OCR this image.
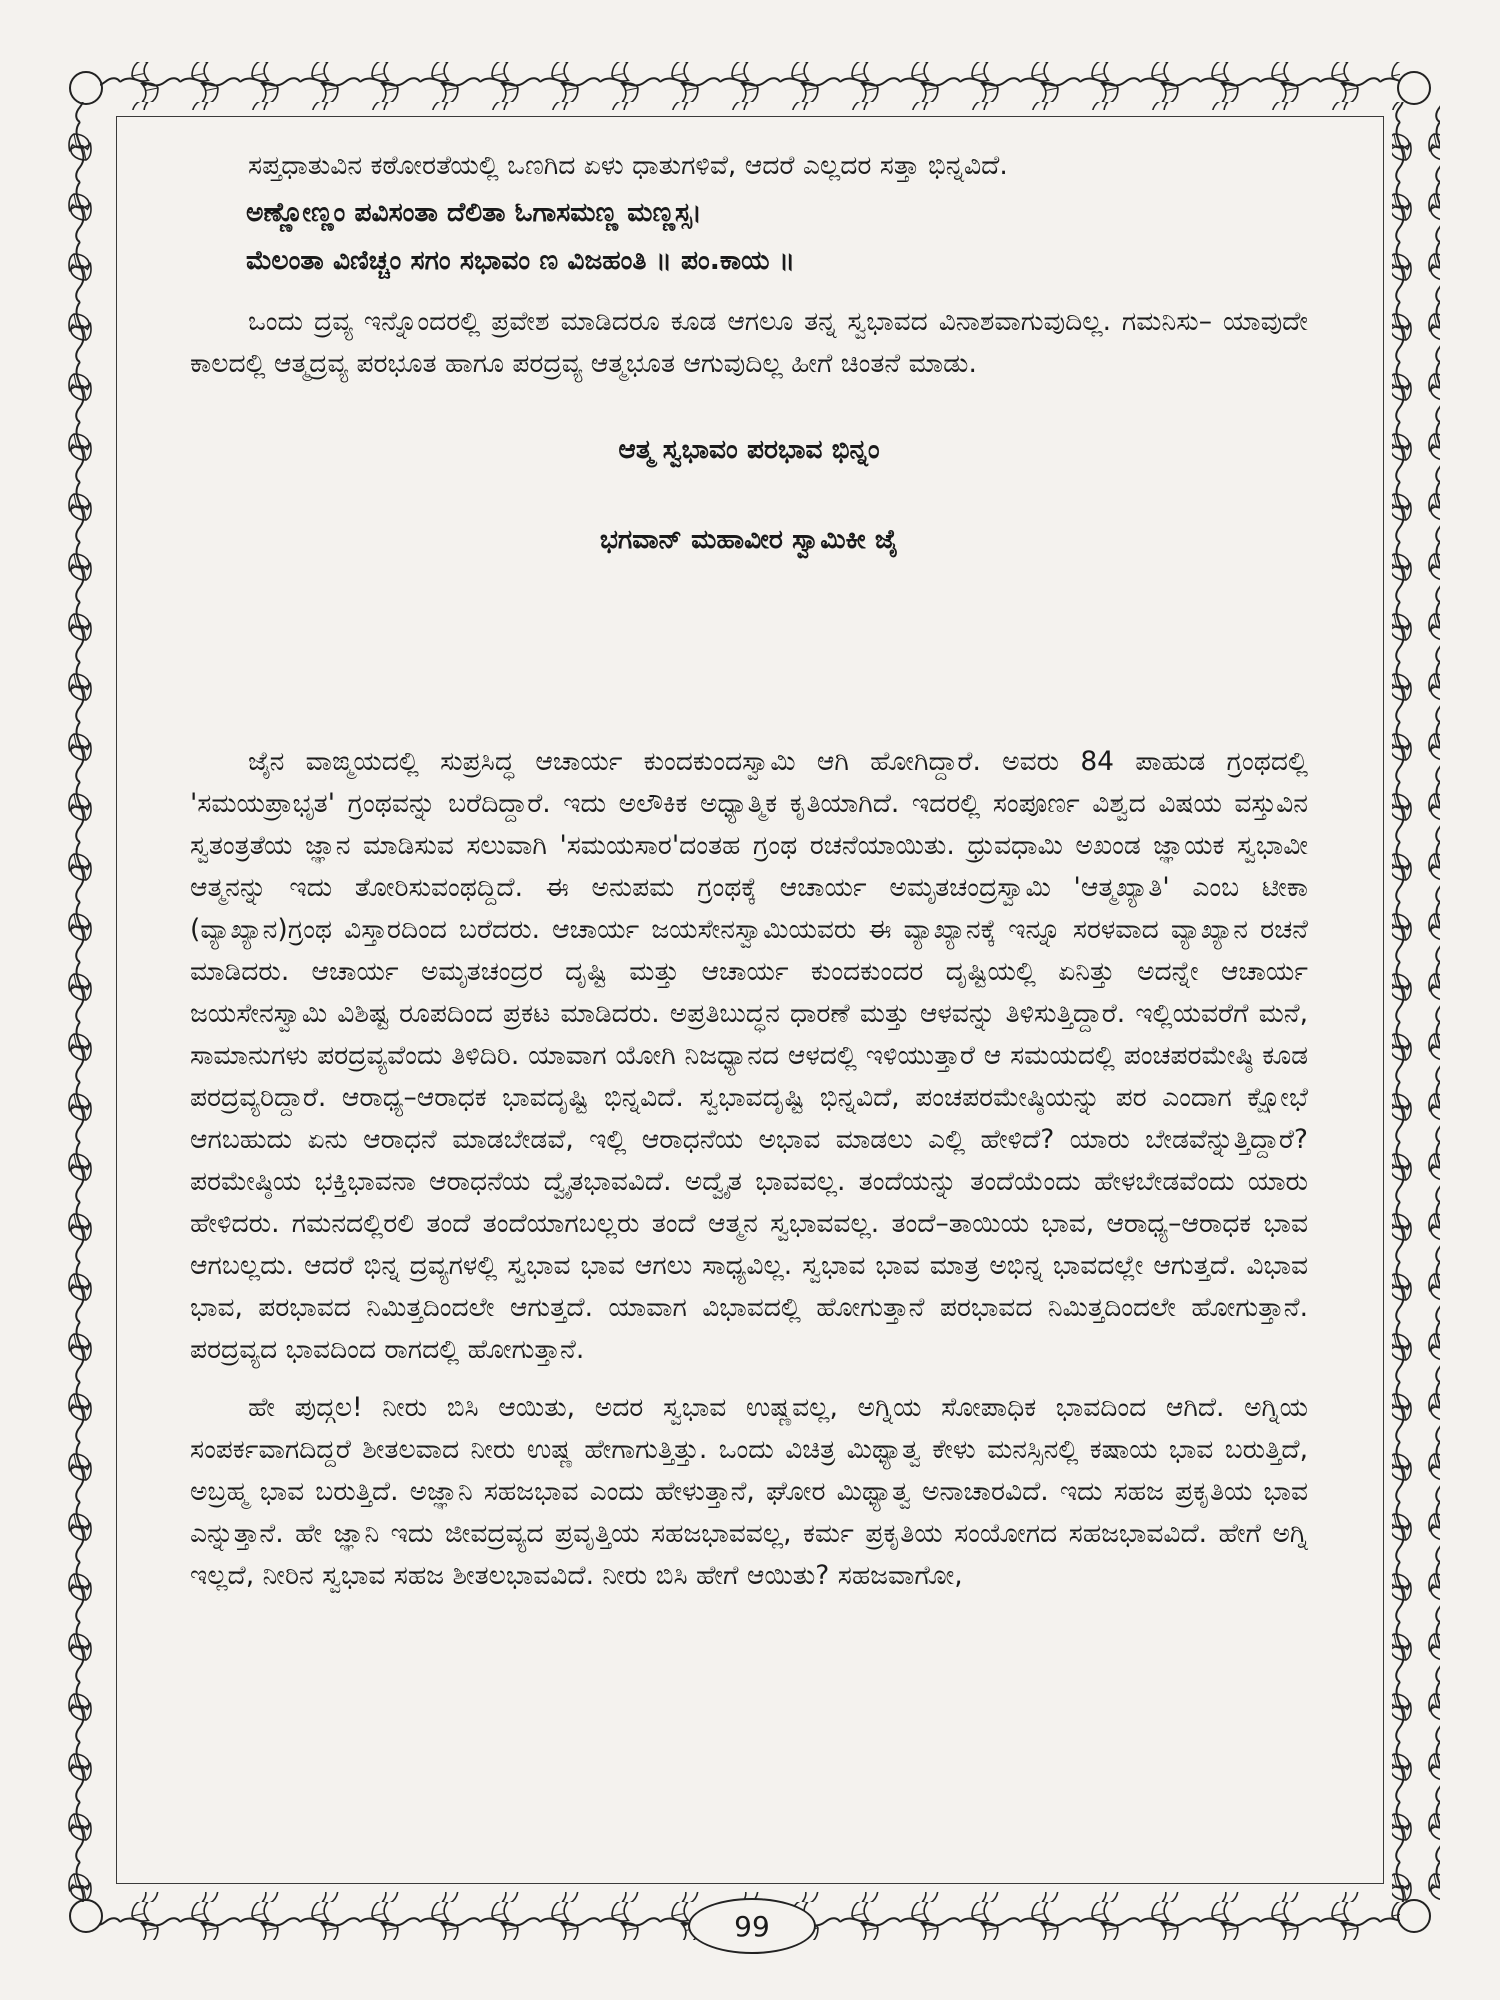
ಸಪ್ತಧಾತುವಿನ ಕಠೋರತೆಯಲ್ಲಿ ಒಣಗಿದ ಏಳು ಧಾತುಗಳಿವೆ, ಆದರೆ ಎಲ್ಲದರ ಸತ್ತಾ ಭಿನ್ನವಿದೆ.

ಅಣ್ಣೋಣ್ಣಂ ಪವಿಸಂತಾ ದೆಲಿತಾ ಓಗಾಸಮಣ್ಣ ಮಣ್ಣಸ್ಸ।

ಮೆಲಂತಾ ವಿಣಿಚ್ಚಂ ಸಗಂ ಸಭಾವಂ ಣ ವಿಜಹಂತಿ ॥ ಪಂ.ಕಾಯ ॥

ಒಂದು ದ್ರವ್ಯ ಇನ್ನೊಂದರಲ್ಲಿ ಪ್ರವೇಶ ಮಾಡಿದರೂ ಕೂಡ ಆಗಲೂ ತನ್ನ ಸ್ವಭಾವದ ವಿನಾಶವಾಗುವುದಿಲ್ಲ. ಗಮನಿಸು– ಯಾವುದೇ ಕಾಲದಲ್ಲಿ ಆತ್ಮದ್ರವ್ಯ ಪರಭೂತ ಹಾಗೂ ಪರದ್ರವ್ಯ ಆತ್ಮಭೂತ ಆಗುವುದಿಲ್ಲ ಹೀಗೆ ಚಿಂತನೆ ಮಾಡು.

ಆತ್ಮ ಸ್ವಭಾವಂ ಪರಭಾವ ಭಿನ್ನಂ

ಭಗವಾನ್ ಮಹಾವೀರ ಸ್ವಾಮಿಕೀ ಜೈ

ಜೈನ ವಾಙ್ಮಯದಲ್ಲಿ ಸುಪ್ರಸಿದ್ಧ ಆಚಾರ್ಯ ಕುಂದಕುಂದಸ್ವಾಮಿ ಆಗಿ ಹೋಗಿದ್ದಾರೆ. ಅವರು 84 ಪಾಹುಡ ಗ್ರಂಥದಲ್ಲಿ 'ಸಮಯಪ್ರಾಭೃತ' ಗ್ರಂಥವನ್ನು ಬರೆದಿದ್ದಾರೆ. ಇದು ಅಲೌಕಿಕ ಅಧ್ಯಾತ್ಮಿಕ ಕೃತಿಯಾಗಿದೆ. ಇದರಲ್ಲಿ ಸಂಪೂರ್ಣ ವಿಶ್ವದ ವಿಷಯ ವಸ್ತುವಿನ ಸ್ವತಂತ್ರತೆಯ ಜ್ಞಾನ ಮಾಡಿಸುವ ಸಲುವಾಗಿ 'ಸಮಯಸಾರ'ದಂತಹ ಗ್ರಂಥ ರಚನೆಯಾಯಿತು. ಧ್ರುವಧಾಮಿ ಅಖಂಡ ಜ್ಞಾಯಕ ಸ್ವಭಾವೀ ಆತ್ಮನನ್ನು ಇದು ತೋರಿಸುವಂಥದ್ದಿದೆ. ಈ ಅನುಪಮ ಗ್ರಂಥಕ್ಕೆ ಆಚಾರ್ಯ ಅಮೃತಚಂದ್ರಸ್ವಾಮಿ 'ಆತ್ಮಖ್ಯಾತಿ' ಎಂಬ ಟೀಕಾ (ವ್ಯಾಖ್ಯಾನ)ಗ್ರಂಥ ವಿಸ್ತಾರದಿಂದ ಬರೆದರು. ಆಚಾರ್ಯ ಜಯಸೇನಸ್ವಾಮಿಯವರು ಈ ವ್ಯಾಖ್ಯಾನಕ್ಕೆ ಇನ್ನೂ ಸರಳವಾದ ವ್ಯಾಖ್ಯಾನ ರಚನೆ ಮಾಡಿದರು. ಆಚಾರ್ಯ ಅಮೃತಚಂದ್ರರ ದೃಷ್ಟಿ ಮತ್ತು ಆಚಾರ್ಯ ಕುಂದಕುಂದರ ದೃಷ್ಟಿಯಲ್ಲಿ ಏನಿತ್ತು ಅದನ್ನೇ ಆಚಾರ್ಯ ಜಯಸೇನಸ್ವಾಮಿ ವಿಶಿಷ್ಟ ರೂಪದಿಂದ ಪ್ರಕಟ ಮಾಡಿದರು. ಅಪ್ರತಿಬುದ್ಧನ ಧಾರಣೆ ಮತ್ತು ಆಳವನ್ನು ತಿಳಿಸುತ್ತಿದ್ದಾರೆ. ಇಲ್ಲಿಯವರೆಗೆ ಮನೆ, ಸಾಮಾನುಗಳು ಪರದ್ರವ್ಯವೆಂದು ತಿಳಿದಿರಿ. ಯಾವಾಗ ಯೋಗಿ ನಿಜಧ್ಯಾನದ ಆಳದಲ್ಲಿ ಇಳಿಯುತ್ತಾರೆ ಆ ಸಮಯದಲ್ಲಿ ಪಂಚಪರಮೇಷ್ಠಿ ಕೂಡ ಪರದ್ರವ್ಯರಿದ್ದಾರೆ. ಆರಾಧ್ಯ–ಆರಾಧಕ ಭಾವದೃಷ್ಟಿ ಭಿನ್ನವಿದೆ. ಸ್ವಭಾವದೃಷ್ಟಿ ಭಿನ್ನವಿದೆ, ಪಂಚಪರಮೇಷ್ಠಿಯನ್ನು ಪರ ಎಂದಾಗ ಕ್ಷೋಭೆ ಆಗಬಹುದು ಏನು ಆರಾಧನೆ ಮಾಡಬೇಡವೆ, ಇಲ್ಲಿ ಆರಾಧನೆಯ ಅಭಾವ ಮಾಡಲು ಎಲ್ಲಿ ಹೇಳಿದೆ? ಯಾರು ಬೇಡವೆನ್ನುತ್ತಿದ್ದಾರೆ? ಪರಮೇಷ್ಠಿಯ ಭಕ್ತಿಭಾವನಾ ಆರಾಧನೆಯ ದ್ವೈತಭಾವವಿದೆ. ಅದ್ವೈತ ಭಾವವಲ್ಲ. ತಂದೆಯನ್ನು ತಂದೆಯೆಂದು ಹೇಳಬೇಡವೆಂದು ಯಾರು ಹೇಳಿದರು. ಗಮನದಲ್ಲಿರಲಿ ತಂದೆ ತಂದೆಯಾಗಬಲ್ಲರು ತಂದೆ ಆತ್ಮನ ಸ್ವಭಾವವಲ್ಲ. ತಂದೆ–ತಾಯಿಯ ಭಾವ, ಆರಾಧ್ಯ–ಆರಾಧಕ ಭಾವ ಆಗಬಲ್ಲದು. ಆದರೆ ಭಿನ್ನ ದ್ರವ್ಯಗಳಲ್ಲಿ ಸ್ವಭಾವ ಭಾವ ಆಗಲು ಸಾಧ್ಯವಿಲ್ಲ. ಸ್ವಭಾವ ಭಾವ ಮಾತ್ರ ಅಭಿನ್ನ ಭಾವದಲ್ಲೇ ಆಗುತ್ತದೆ. ವಿಭಾವ ಭಾವ, ಪರಭಾವದ ನಿಮಿತ್ತದಿಂದಲೇ ಆಗುತ್ತದೆ. ಯಾವಾಗ ವಿಭಾವದಲ್ಲಿ ಹೋಗುತ್ತಾನೆ ಪರಭಾವದ ನಿಮಿತ್ತದಿಂದಲೇ ಹೋಗುತ್ತಾನೆ. ಪರದ್ರವ್ಯದ ಭಾವದಿಂದ ರಾಗದಲ್ಲಿ ಹೋಗುತ್ತಾನೆ.

ಹೇ ಪುದ್ಗಲ! ನೀರು ಬಿಸಿ ಆಯಿತು, ಅದರ ಸ್ವಭಾವ ಉಷ್ಣವಲ್ಲ, ಅಗ್ನಿಯ ಸೋಪಾಧಿಕ ಭಾವದಿಂದ ಆಗಿದೆ. ಅಗ್ನಿಯ ಸಂಪರ್ಕವಾಗದಿದ್ದರೆ ಶೀತಲವಾದ ನೀರು ಉಷ್ಣ ಹೇಗಾಗುತ್ತಿತ್ತು. ಒಂದು ವಿಚಿತ್ರ ಮಿಥ್ಯಾತ್ವ ಕೇಳು ಮನಸ್ಸಿನಲ್ಲಿ ಕಷಾಯ ಭಾವ ಬರುತ್ತಿದೆ, ಅಬ್ರಹ್ಮ ಭಾವ ಬರುತ್ತಿದೆ. ಅಜ್ಞಾನಿ ಸಹಜಭಾವ ಎಂದು ಹೇಳುತ್ತಾನೆ, ಘೋರ ಮಿಥ್ಯಾತ್ವ ಅನಾಚಾರವಿದೆ. ಇದು ಸಹಜ ಪ್ರಕೃತಿಯ ಭಾವ ಎನ್ನುತ್ತಾನೆ. ಹೇ ಜ್ಞಾನಿ ಇದು ಜೀವದ್ರವ್ಯದ ಪ್ರವೃತ್ತಿಯ ಸಹಜಭಾವವಲ್ಲ, ಕರ್ಮ ಪ್ರಕೃತಿಯ ಸಂಯೋಗದ ಸಹಜಭಾವವಿದೆ. ಹೇಗೆ ಅಗ್ನಿ ಇಲ್ಲದೆ, ನೀರಿನ ಸ್ವಭಾವ ಸಹಜ ಶೀತಲಭಾವವಿದೆ. ನೀರು ಬಿಸಿ ಹೇಗೆ ಆಯಿತು? ಸಹಜವಾಗೋ,

99
